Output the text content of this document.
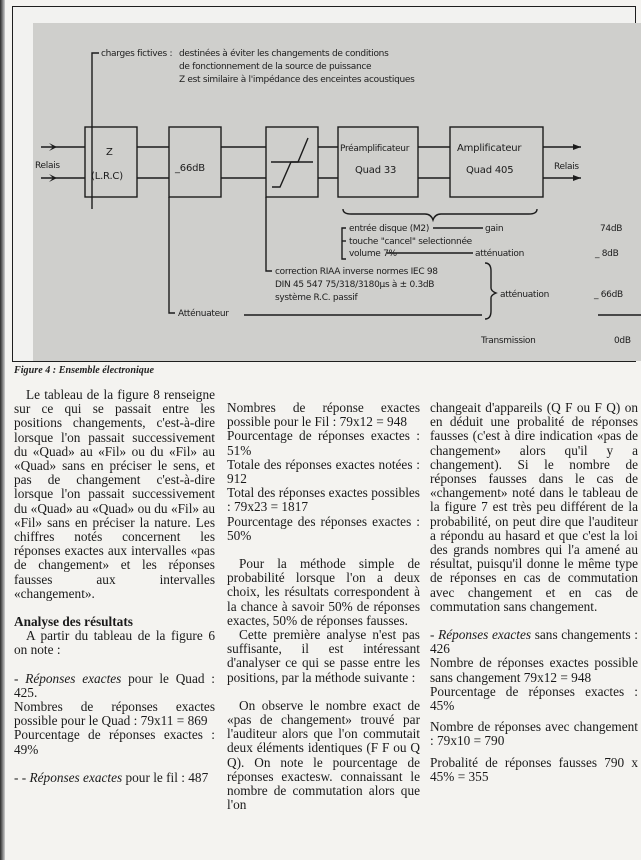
charges fictives : destinées à éviter les changements de conditions
de fonctionnement de la source de puissance
Z est similaire à l'impédance des enceintes acoustiques
Relais
Z
(L.R.C)
_66dB
Préamplificateur
Quad 33
Amplificateur
Quad 405	Relais
entrée disque (M2)	gain	74dB
touche "cancel" selectionnée
volume 7%	atténuation	_ 8dB
correction RIAA inverse normes IEC 98
DIN 45 547 75/318/3180µs à ± 0.3dB
système R.C. passif	atténuation	_ 66dB
Atténuateur
Transmission	0dB
Figure 4 : Ensemble électronique

Le tableau de la figure 8 renseigne sur ce qui se passait entre les positions changements, c'est-à-dire lorsque l'on passait successivement du «Quad» au «Fil» ou du «Fil» au «Quad» sans en préciser le sens, et pas de changement c'est-à-dire lorsque l'on passait successivement du «Quad» au «Quad» ou du «Fil» au «Fil» sans en préciser la nature. Les chiffres notés concernent les réponses exactes aux intervalles «pas de changement» et les réponses fausses aux intervalles «changement».

Analyse des résultats

A partir du tableau de la figure 6 on note :

- Réponses exactes pour le Quad : 425.

Nombres de réponses exactes possible pour le Quad : 79x11 = 869

Pourcentage de réponses exactes : 49%

- - Réponses exactes pour le fil : 487

Nombres de réponse exactes possible pour le Fil : 79x12 = 948

Pourcentage de réponses exactes : 51%

Totale des réponses exactes notées : 912

Total des réponses exactes possibles : 79x23 = 1817

Pourcentage des réponses exactes : 50%

Pour la méthode simple de probabilité lorsque l'on a deux choix, les résultats correspondent à la chance à savoir 50% de réponses exactes, 50% de réponses fausses.

Cette première analyse n'est pas suffisante, il est intéressant d'analyser ce qui se passe entre les positions, par la méthode suivante :

On observe le nombre exact de «pas de changement» trouvé par l'auditeur alors que l'on commutait deux éléments identiques (F F ou Q Q). On note le pourcentage de réponses exactesw. connaissant le nombre de commutation alors que l'on

changeait d'appareils (Q F ou F Q) on en déduit une probalité de réponses fausses (c'est à dire indication «pas de changement» alors qu'il y a changement). Si le nombre de réponses fausses dans le cas de «changement» noté dans le tableau de la figure 7 est très peu différent de la probabilité, on peut dire que l'auditeur a répondu au hasard et que c'est la loi des grands nombres qui l'a amené au résultat, puisqu'il donne le même type de réponses en cas de commutation avec changement et en cas de commutation sans changement.

- Réponses exactes sans changements : 426

Nombre de réponses exactes possible sans changement 79x12 = 948

Pourcentage de réponses exactes : 45%

Nombre de réponses avec changement : 79x10 = 790

Probalité de réponses fausses 790 x 45% = 355
